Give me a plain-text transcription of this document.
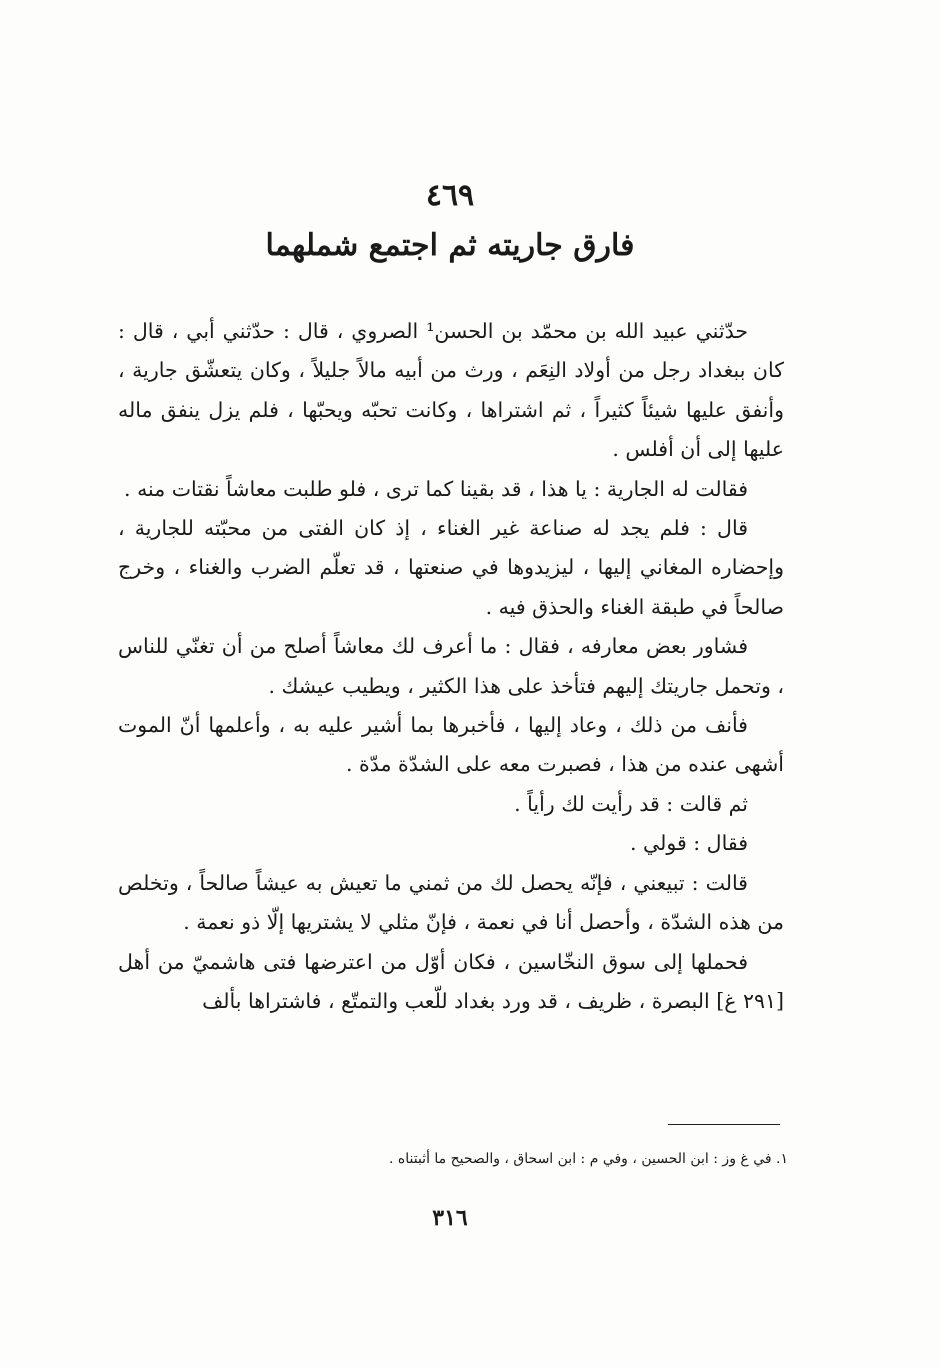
٤٦٩
فارق جاريته ثم اجتمع شملهما

حدّثني عبيد الله بن محمّد بن الحسن¹ الصروي ، قال : حدّثني أبي ، قال : كان ببغداد رجل من أولاد النِعَم ، ورث من أبيه مالاً جليلاً ، وكان يتعشّق جارية ، وأنفق عليها شيئاً كثيراً ، ثم اشتراها ، وكانت تحبّه ويحبّها ، فلم يزل ينفق ماله عليها إلى أن أفلس .

فقالت له الجارية : يا هذا ، قد بقينا كما ترى ، فلو طلبت معاشاً نقتات منه .

قال : فلم يجد له صناعة غير الغناء ، إذ كان الفتى من محبّته للجارية ، وإحضاره المغاني إليها ، ليزيدوها في صنعتها ، قد تعلّم الضرب والغناء ، وخرج صالحاً في طبقة الغناء والحذق فيه .

فشاور بعض معارفه ، فقال : ما أعرف لك معاشاً أصلح من أن تغنّي للناس ، وتحمل جاريتك إليهم فتأخذ على هذا الكثير ، ويطيب عيشك .

فأنف من ذلك ، وعاد إليها ، فأخبرها بما أشير عليه به ، وأعلمها أنّ الموت أشهى عنده من هذا ، فصبرت معه على الشدّة مدّة .

ثم قالت : قد رأيت لك رأياً .

فقال : قولي .

قالت : تبيعني ، فإنّه يحصل لك من ثمني ما تعيش به عيشاً صالحاً ، وتخلص من هذه الشدّة ، وأحصل أنا في نعمة ، فإنّ مثلي لا يشتريها إلّا ذو نعمة .

فحملها إلى سوق النخّاسين ، فكان أوّل من اعترضها فتى هاشميّ من أهل [٢٩١ غ] البصرة ، ظريف ، قد ورد بغداد للّعب والتمتّع ، فاشتراها بألف

١. في غ وز : ابن الحسين ، وفي م : ابن اسحاق ، والصحيح ما أثبتناه .
٣١٦
